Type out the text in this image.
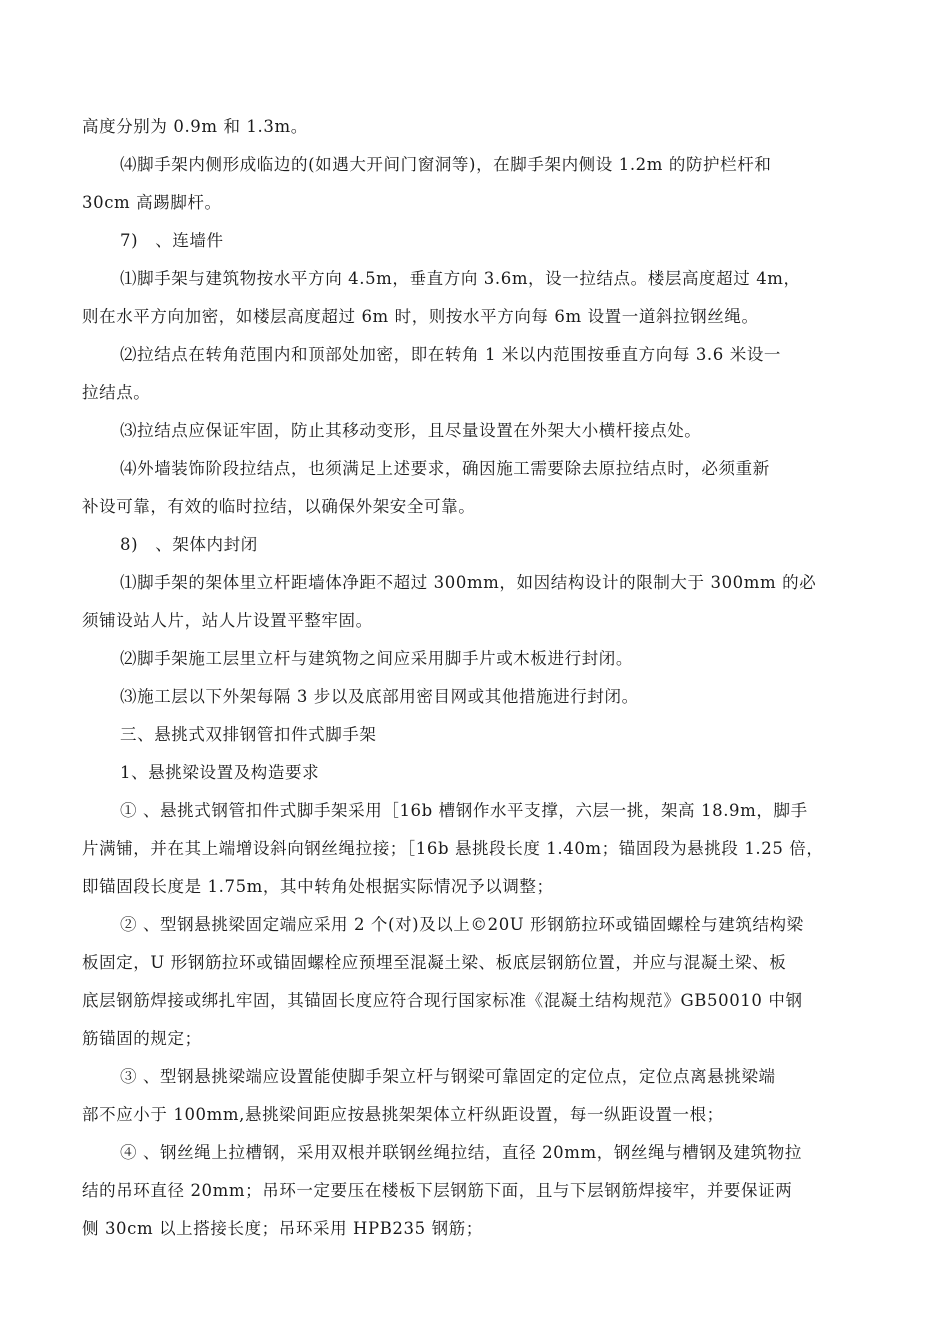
高度分别为 0.9m 和 1.3m。
⑷脚手架内侧形成临边的(如遇大开间门窗洞等)，在脚手架内侧设 1.2m 的防护栏杆和
30cm 高踢脚杆。
7)　、连墙件
⑴脚手架与建筑物按水平方向 4.5m，垂直方向 3.6m，设一拉结点。楼层高度超过 4m，
则在水平方向加密，如楼层高度超过 6m 时，则按水平方向每 6m 设置一道斜拉钢丝绳。
⑵拉结点在转角范围内和顶部处加密，即在转角 1 米以内范围按垂直方向每 3.6 米设一
拉结点。
⑶拉结点应保证牢固，防止其移动变形，且尽量设置在外架大小横杆接点处。
⑷外墙装饰阶段拉结点，也须满足上述要求，确因施工需要除去原拉结点时，必须重新
补设可靠，有效的临时拉结，以确保外架安全可靠。
8)　、架体内封闭
⑴脚手架的架体里立杆距墙体净距不超过 300mm，如因结构设计的限制大于 300mm 的必
须铺设站人片，站人片设置平整牢固。
⑵脚手架施工层里立杆与建筑物之间应采用脚手片或木板进行封闭。
⑶施工层以下外架每隔 3 步以及底部用密目网或其他措施进行封闭。
三、悬挑式双排钢管扣件式脚手架
1、悬挑梁设置及构造要求
① 、悬挑式钢管扣件式脚手架采用［16b 槽钢作水平支撑，六层一挑，架高 18.9m，脚手
片满铺，并在其上端增设斜向钢丝绳拉接；［16b 悬挑段长度 1.40m；锚固段为悬挑段 1.25 倍，
即锚固段长度是 1.75m，其中转角处根据实际情况予以调整；
② 、型钢悬挑梁固定端应采用 2 个(对)及以上©20U 形钢筋拉环或锚固螺栓与建筑结构梁
板固定，U 形钢筋拉环或锚固螺栓应预埋至混凝土梁、板底层钢筋位置，并应与混凝土梁、板
底层钢筋焊接或绑扎牢固，其锚固长度应符合现行国家标准《混凝土结构规范》GB50010 中钢
筋锚固的规定；
③ 、型钢悬挑梁端应设置能使脚手架立杆与钢梁可靠固定的定位点，定位点离悬挑梁端
部不应小于 100mm,悬挑梁间距应按悬挑架架体立杆纵距设置，每一纵距设置一根；
④ 、钢丝绳上拉槽钢，采用双根并联钢丝绳拉结，直径 20mm，钢丝绳与槽钢及建筑物拉
结的吊环直径 20mm；吊环一定要压在楼板下层钢筋下面，且与下层钢筋焊接牢，并要保证两
侧 30cm 以上搭接长度；吊环采用 HPB235 钢筋；
